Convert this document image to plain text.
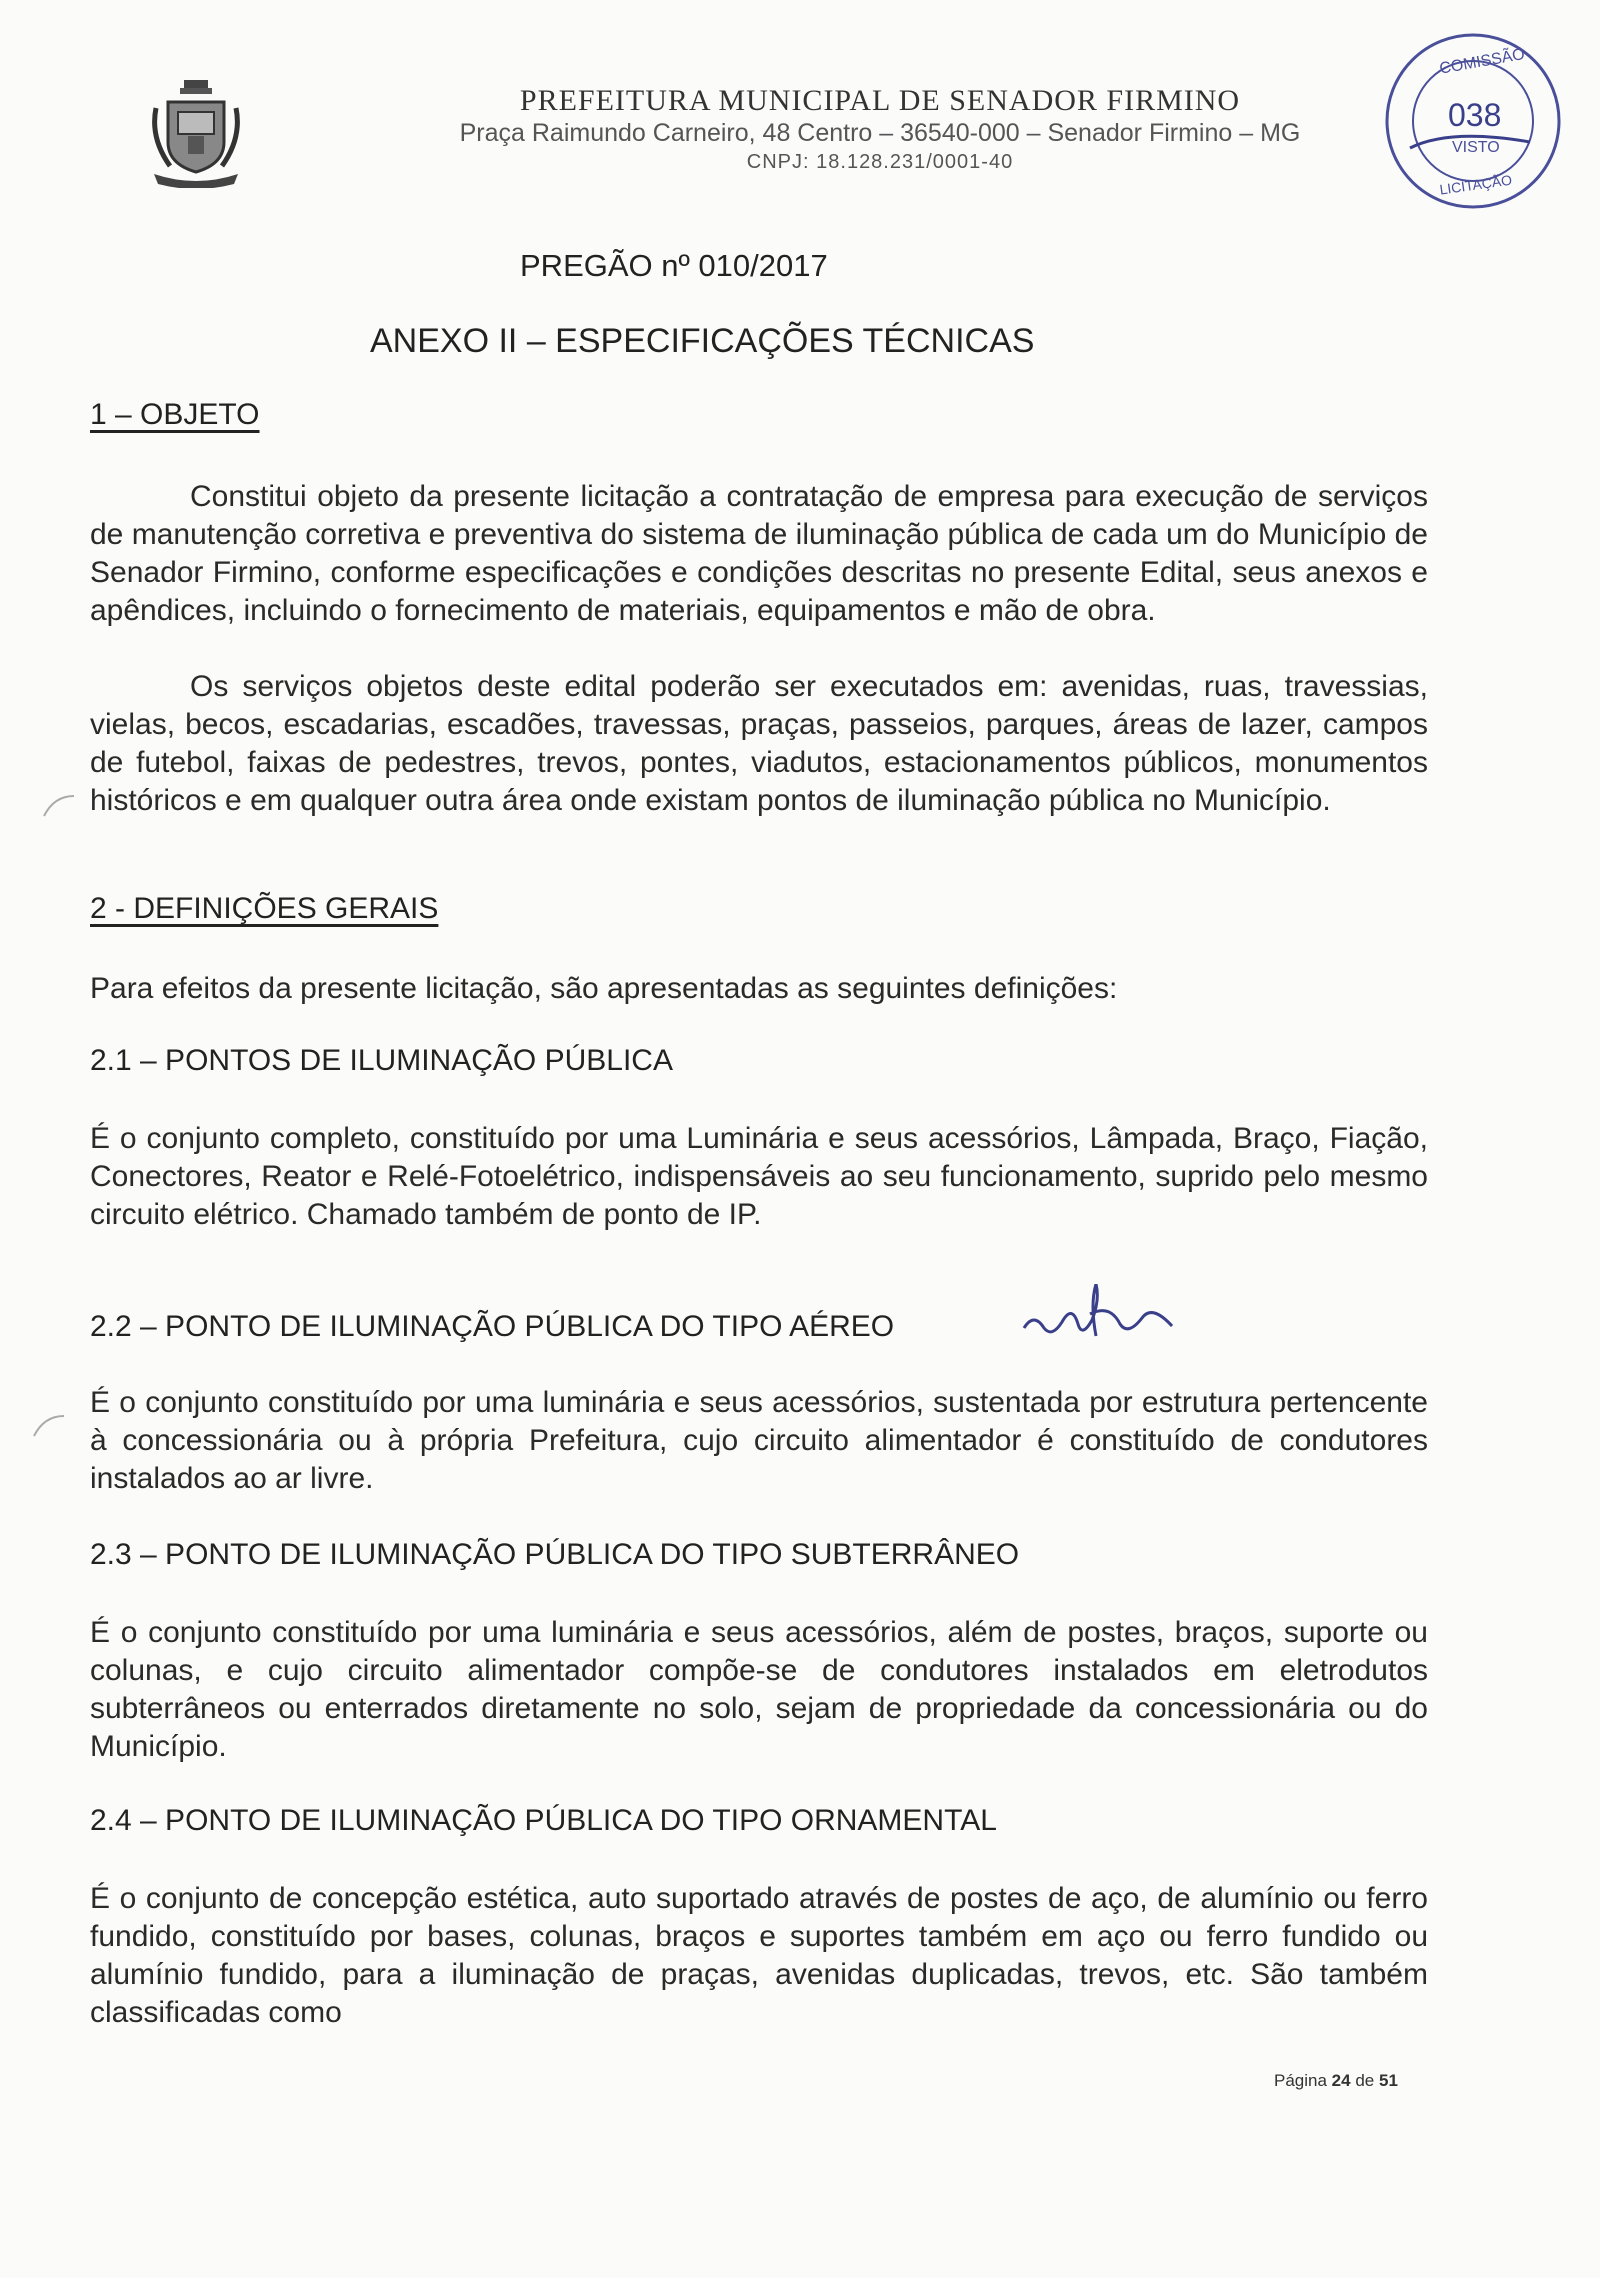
PREFEITURA MUNICIPAL DE SENADOR FIRMINO
Praça Raimundo Carneiro, 48 Centro – 36540-000 – Senador Firmino – MG
CNPJ: 18.128.231/0001-40
COMISSÃO
038
VISTO
LICITAÇÃO
PREGÃO nº 010/2017
ANEXO II – ESPECIFICAÇÕES TÉCNICAS
1 – OBJETO

Constitui objeto da presente licitação a contratação de empresa para execução de serviços de manutenção corretiva e preventiva do sistema de iluminação pública de cada um do Município de Senador Firmino, conforme especificações e condições descritas no presente Edital, seus anexos e apêndices, incluindo o fornecimento de materiais, equipamentos e mão de obra.

Os serviços objetos deste edital poderão ser executados em: avenidas, ruas, travessias, vielas, becos, escadarias, escadões, travessas, praças, passeios, parques, áreas de lazer, campos de futebol, faixas de pedestres, trevos, pontes, viadutos, estacionamentos públicos, monumentos históricos e em qualquer outra área onde existam pontos de iluminação pública no Município.

2 - DEFINIÇÕES GERAIS

Para efeitos da presente licitação, são apresentadas as seguintes definições:

2.1 – PONTOS DE ILUMINAÇÃO PÚBLICA

É o conjunto completo, constituído por uma Luminária e seus acessórios, Lâmpada, Braço, Fiação, Conectores, Reator e Relé-Fotoelétrico, indispensáveis ao seu funcionamento, suprido pelo mesmo circuito elétrico. Chamado também de ponto de IP.

2.2 – PONTO DE ILUMINAÇÃO PÚBLICA DO TIPO AÉREO

É o conjunto constituído por uma luminária e seus acessórios, sustentada por estrutura pertencente à concessionária ou à própria Prefeitura, cujo circuito alimentador é constituído de condutores instalados ao ar livre.

2.3 – PONTO DE ILUMINAÇÃO PÚBLICA DO TIPO SUBTERRÂNEO

É o conjunto constituído por uma luminária e seus acessórios, além de postes, braços, suporte ou colunas, e cujo circuito alimentador compõe-se de condutores instalados em eletrodutos subterrâneos ou enterrados diretamente no solo, sejam de propriedade da concessionária ou do Município.

2.4 – PONTO DE ILUMINAÇÃO PÚBLICA DO TIPO ORNAMENTAL

É o conjunto de concepção estética, auto suportado através de postes de aço, de alumínio ou ferro fundido, constituído por bases, colunas, braços e suportes também em aço ou ferro fundido ou alumínio fundido, para a iluminação de praças, avenidas duplicadas, trevos, etc. São também classificadas como

Página 24 de 51
